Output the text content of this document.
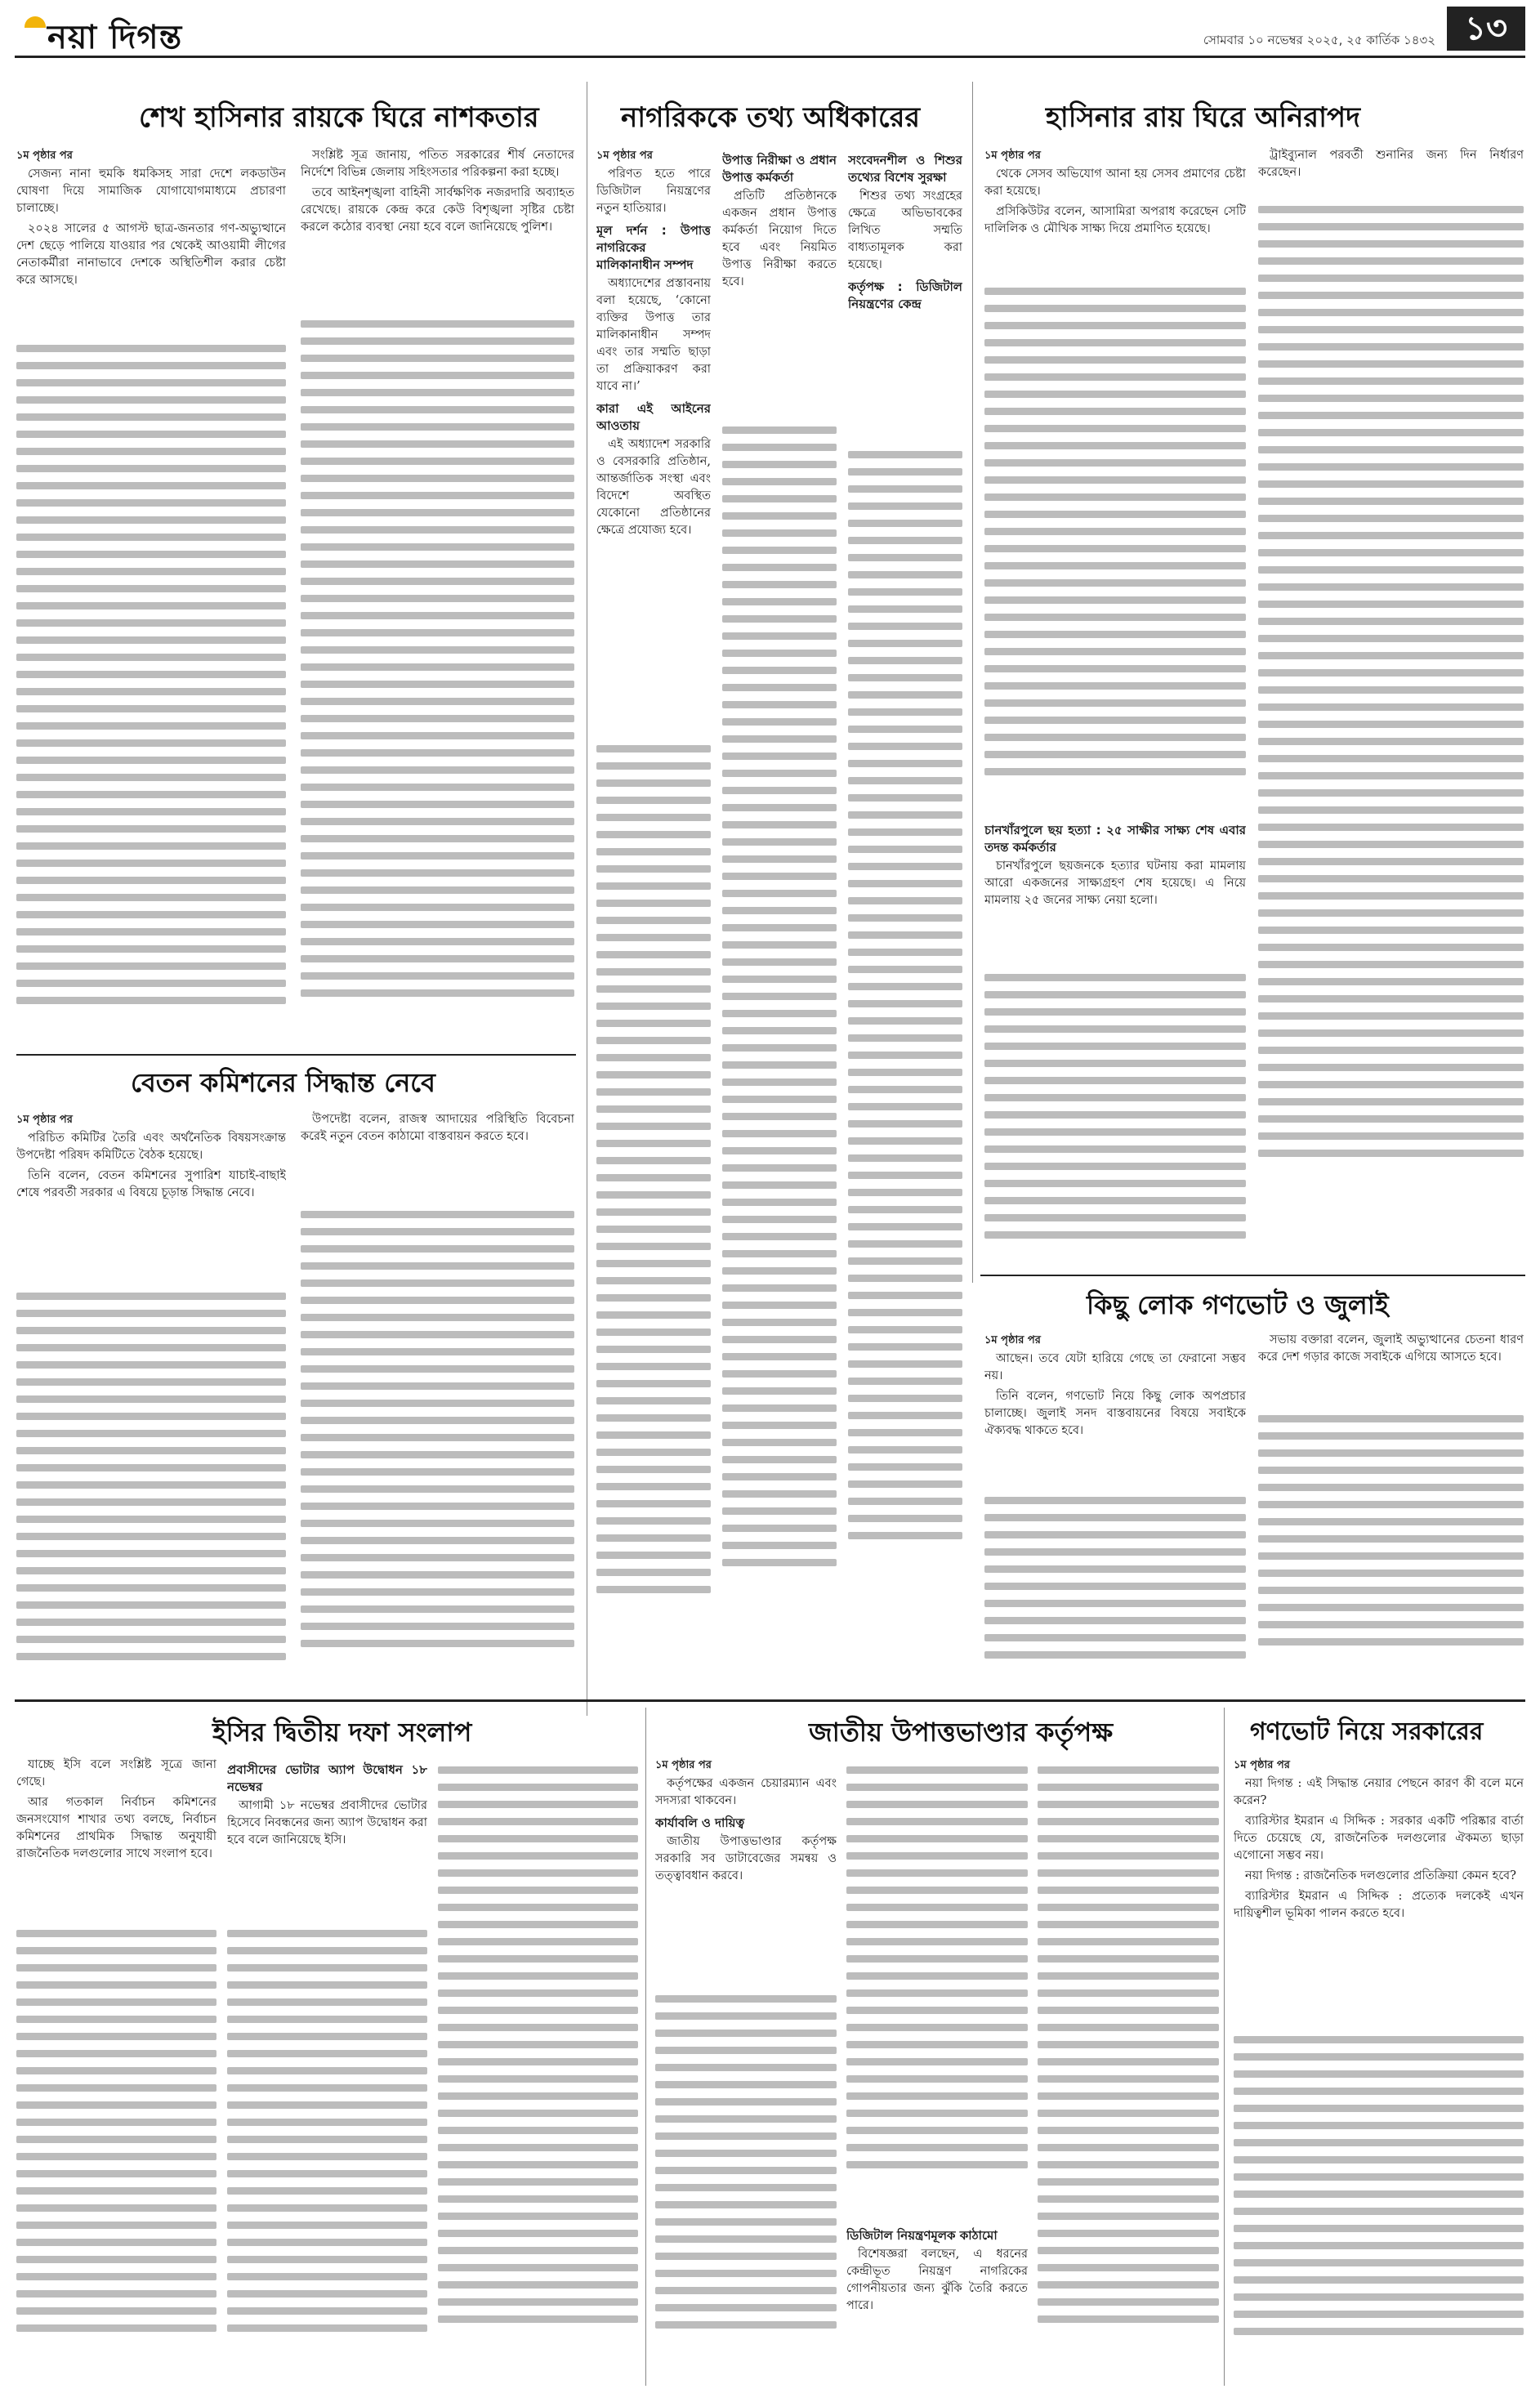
নয়া দিগন্ত	সোমবার ১০ নভেম্বর ২০২৫, ২৫ কার্তিক ১৪৩২ ১৩
শেখ হাসিনার রায়কে ঘিরে নাশকতার	নাগরিককে তথ্য অধিকারের	হাসিনার রায় ঘিরে অনিরাপদ
১ম পৃষ্ঠার পর

সেজন্য নানা হুমকি ধমকিসহ সারা দেশে লকডাউন ঘোষণা দিয়ে সামাজিক যোগাযোগমাধ্যমে প্রচারণা চালাচ্ছে।

২০২৪ সালের ৫ আগস্ট ছাত্র-জনতার গণ-অভ্যুত্থানে দেশ ছেড়ে পালিয়ে যাওয়ার পর থেকেই আওয়ামী লীগের নেতাকর্মীরা নানাভাবে দেশকে অস্থিতিশীল করার চেষ্টা করে আসছে।

সংশ্লিষ্ট সূত্র জানায়, পতিত সরকারের শীর্ষ নেতাদের নির্দেশে বিভিন্ন জেলায় সহিংসতার পরিকল্পনা করা হচ্ছে।

তবে আইনশৃঙ্খলা বাহিনী সার্বক্ষণিক নজরদারি অব্যাহত রেখেছে। রায়কে কেন্দ্র করে কেউ বিশৃঙ্খলা সৃষ্টির চেষ্টা করলে কঠোর ব্যবস্থা নেয়া হবে বলে জানিয়েছে পুলিশ।

বেতন কমিশনের সিদ্ধান্ত নেবে
১ম পৃষ্ঠার পর

পরিচিত কমিটির তৈরি এবং অর্থনৈতিক বিষয়সংক্রান্ত উপদেষ্টা পরিষদ কমিটিতে বৈঠক হয়েছে।

তিনি বলেন, বেতন কমিশনের সুপারিশ যাচাই-বাছাই শেষে পরবর্তী সরকার এ বিষয়ে চূড়ান্ত সিদ্ধান্ত নেবে।

উপদেষ্টা বলেন, রাজস্ব আদায়ের পরিস্থিতি বিবেচনা করেই নতুন বেতন কাঠামো বাস্তবায়ন করতে হবে।

১ম পৃষ্ঠার পর

পরিণত হতে পারে ডিজিটাল নিয়ন্ত্রণের নতুন হাতিয়ার।

মূল দর্শন : উপাত্ত নাগরিকের মালিকানাধীন সম্পদ

অধ্যাদেশের প্রস্তাবনায় বলা হয়েছে, ‘কোনো ব্যক্তির উপাত্ত তার মালিকানাধীন সম্পদ এবং তার সম্মতি ছাড়া তা প্রক্রিয়াকরণ করা যাবে না।’

কারা এই আইনের আওতায়

এই অধ্যাদেশ সরকারি ও বেসরকারি প্রতিষ্ঠান, আন্তর্জাতিক সংস্থা এবং বিদেশে অবস্থিত যেকোনো প্রতিষ্ঠানের ক্ষেত্রে প্রযোজ্য হবে।

উপাত্ত নিরীক্ষা ও প্রধান উপাত্ত কর্মকর্তা

প্রতিটি প্রতিষ্ঠানকে একজন প্রধান উপাত্ত কর্মকর্তা নিয়োগ দিতে হবে এবং নিয়মিত উপাত্ত নিরীক্ষা করতে হবে।

সংবেদনশীল ও শিশুর তথ্যের বিশেষ সুরক্ষা

শিশুর তথ্য সংগ্রহের ক্ষেত্রে অভিভাবকের লিখিত সম্মতি বাধ্যতামূলক করা হয়েছে।

কর্তৃপক্ষ : ডিজিটাল নিয়ন্ত্রণের কেন্দ্র
১ম পৃষ্ঠার পর

থেকে সেসব অভিযোগ আনা হয় সেসব প্রমাণের চেষ্টা করা হয়েছে।

প্রসিকিউটর বলেন, আসামিরা অপরাধ করেছেন সেটি দালিলিক ও মৌখিক সাক্ষ্য দিয়ে প্রমাণিত হয়েছে।

চানখাঁরপুলে ছয় হত্যা : ২৫ সাক্ষীর সাক্ষ্য শেষ এবার তদন্ত কর্মকর্তার

চানখাঁরপুলে ছয়জনকে হত্যার ঘটনায় করা মামলায় আরো একজনের সাক্ষ্যগ্রহণ শেষ হয়েছে। এ নিয়ে মামলায় ২৫ জনের সাক্ষ্য নেয়া হলো।

ট্রাইব্যুনাল পরবর্তী শুনানির জন্য দিন নির্ধারণ করেছেন।

কিছু লোক গণভোট ও জুলাই
১ম পৃষ্ঠার পর

আছেন। তবে যেটা হারিয়ে গেছে তা ফেরানো সম্ভব নয়।

তিনি বলেন, গণভোট নিয়ে কিছু লোক অপপ্রচার চালাচ্ছে। জুলাই সনদ বাস্তবায়নের বিষয়ে সবাইকে ঐক্যবদ্ধ থাকতে হবে।

সভায় বক্তারা বলেন, জুলাই অভ্যুত্থানের চেতনা ধারণ করে দেশ গড়ার কাজে সবাইকে এগিয়ে আসতে হবে।

ইসির দ্বিতীয় দফা সংলাপ	জাতীয় উপাত্তভাণ্ডার কর্তৃপক্ষ	গণভোট নিয়ে সরকারের

যাচ্ছে ইসি বলে সংশ্লিষ্ট সূত্রে জানা গেছে।

আর গতকাল নির্বাচন কমিশনের জনসংযোগ শাখার তথ্য বলছে, নির্বাচন কমিশনের প্রাথমিক সিদ্ধান্ত অনুযায়ী রাজনৈতিক দলগুলোর সাথে সংলাপ হবে।

প্রবাসীদের ভোটার অ্যাপ উদ্বোধন ১৮ নভেম্বর

আগামী ১৮ নভেম্বর প্রবাসীদের ভোটার হিসেবে নিবন্ধনের জন্য অ্যাপ উদ্বোধন করা হবে বলে জানিয়েছে ইসি।

১ম পৃষ্ঠার পর

কর্তৃপক্ষের একজন চেয়ারম্যান এবং সদস্যরা থাকবেন।

কার্যাবলি ও দায়িত্ব

জাতীয় উপাত্তভাণ্ডার কর্তৃপক্ষ সরকারি সব ডাটাবেজের সমন্বয় ও তত্ত্বাবধান করবে।

ডিজিটাল নিয়ন্ত্রণমূলক কাঠামো

বিশেষজ্ঞরা বলছেন, এ ধরনের কেন্দ্রীভূত নিয়ন্ত্রণ নাগরিকের গোপনীয়তার জন্য ঝুঁকি তৈরি করতে পারে।

১ম পৃষ্ঠার পর

নয়া দিগন্ত : এই সিদ্ধান্ত নেয়ার পেছনে কারণ কী বলে মনে করেন?

ব্যারিস্টার ইমরান এ সিদ্দিক : সরকার একটি পরিষ্কার বার্তা দিতে চেয়েছে যে, রাজনৈতিক দলগুলোর ঐকমত্য ছাড়া এগোনো সম্ভব নয়।

নয়া দিগন্ত : রাজনৈতিক দলগুলোর প্রতিক্রিয়া কেমন হবে?

ব্যারিস্টার ইমরান এ সিদ্দিক : প্রত্যেক দলকেই এখন দায়িত্বশীল ভূমিকা পালন করতে হবে।
